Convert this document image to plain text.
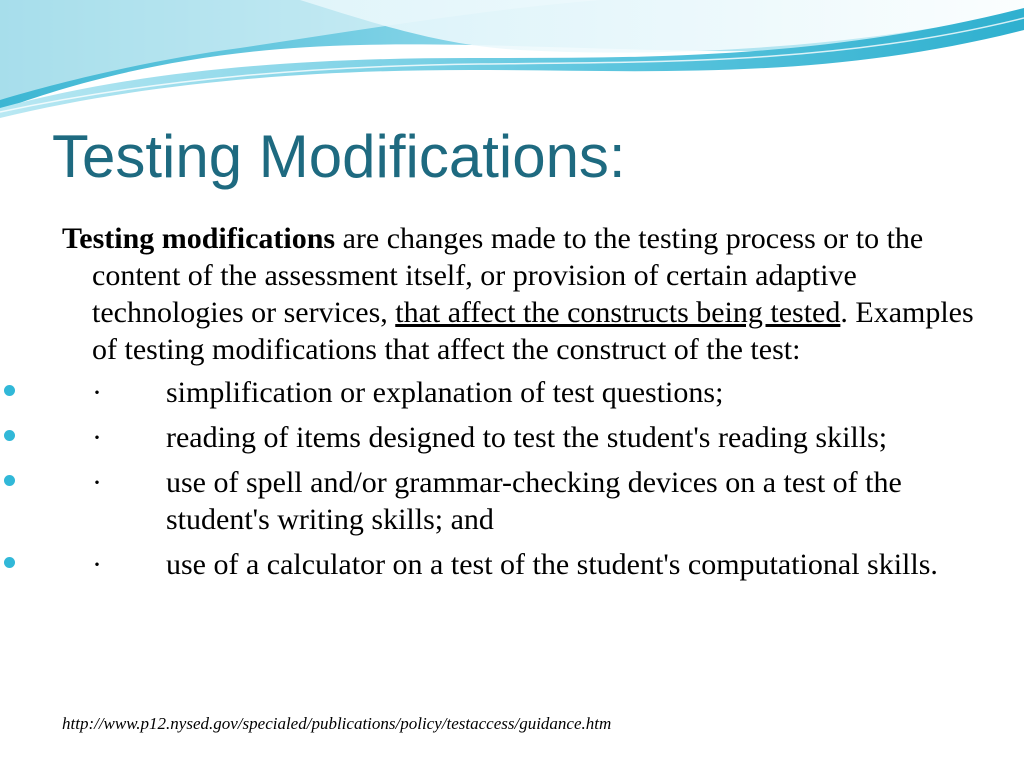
Testing Modifications:

Testing modifications are changes made to the testing process or to the content of the assessment itself, or provision of certain adaptive technologies or services, that affect the constructs being tested. Examples of testing modifications that affect the construct of the test:

· simplification or explanation of test questions;
· reading of items designed to test the student's reading skills;
· use of spell and/or grammar-checking devices on a test of the student's writing skills; and
· use of a calculator on a test of the student's computational skills.
http://www.p12.nysed.gov/specialed/publications/policy/testaccess/guidance.htm
